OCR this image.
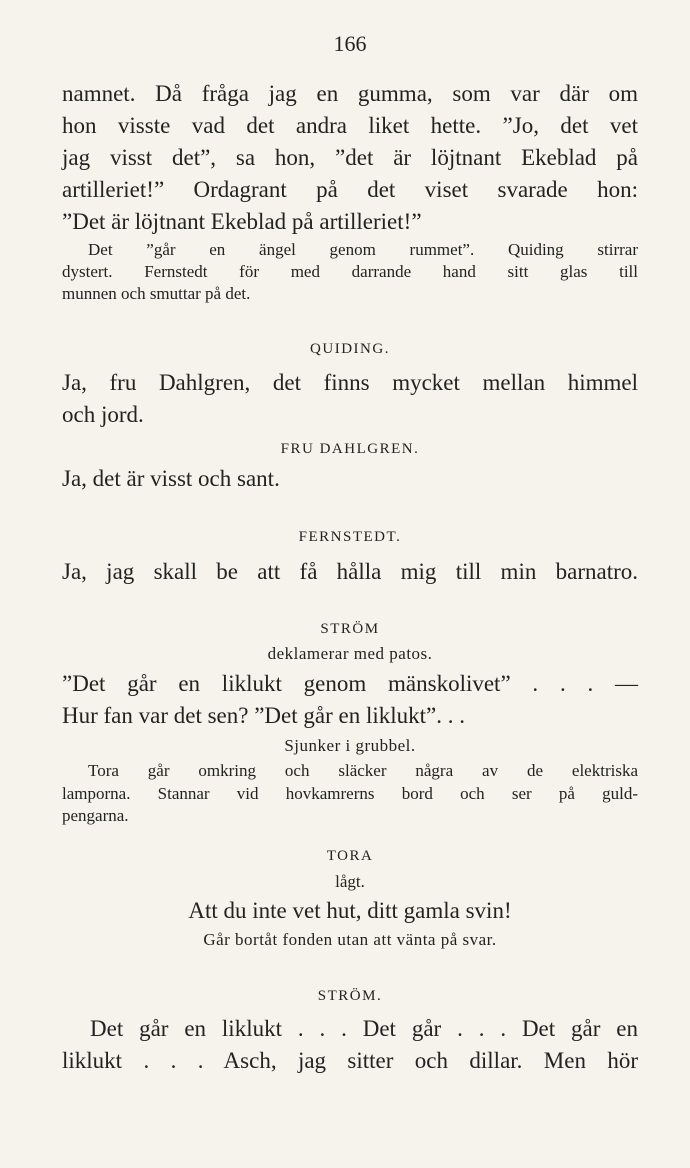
166
namnet. Då fråga jag en gumma, som var där om
hon visste vad det andra liket hette. ”Jo, det vet
jag visst det”, sa hon, ”det är löjtnant Ekeblad på
artilleriet!” Ordagrant på det viset svarade hon:
”Det är löjtnant Ekeblad på artilleriet!”
Det ”går en ängel genom rummet”. Quiding stirrar
dystert. Fernstedt för med darrande hand sitt glas till
munnen och smuttar på det.
QUIDING.
Ja, fru Dahlgren, det finns mycket mellan himmel
och jord.
FRU DAHLGREN.
Ja, det är visst och sant.
FERNSTEDT.
Ja, jag skall be att få hålla mig till min barnatro.
STRÖM
deklamerar med patos.
”Det går en liklukt genom mänskolivet” . . . —
Hur fan var det sen? ”Det går en liklukt”. . .
Sjunker i grubbel.
Tora går omkring och släcker några av de elektriska
lamporna. Stannar vid hovkamrerns bord och ser på guld-
pengarna.
TORA
lågt.
Att du inte vet hut, ditt gamla svin!
Går bortåt fonden utan att vänta på svar.
STRÖM.
Det går en liklukt . . . Det går . . . Det går en
liklukt . . . Asch, jag sitter och dillar. Men hör
